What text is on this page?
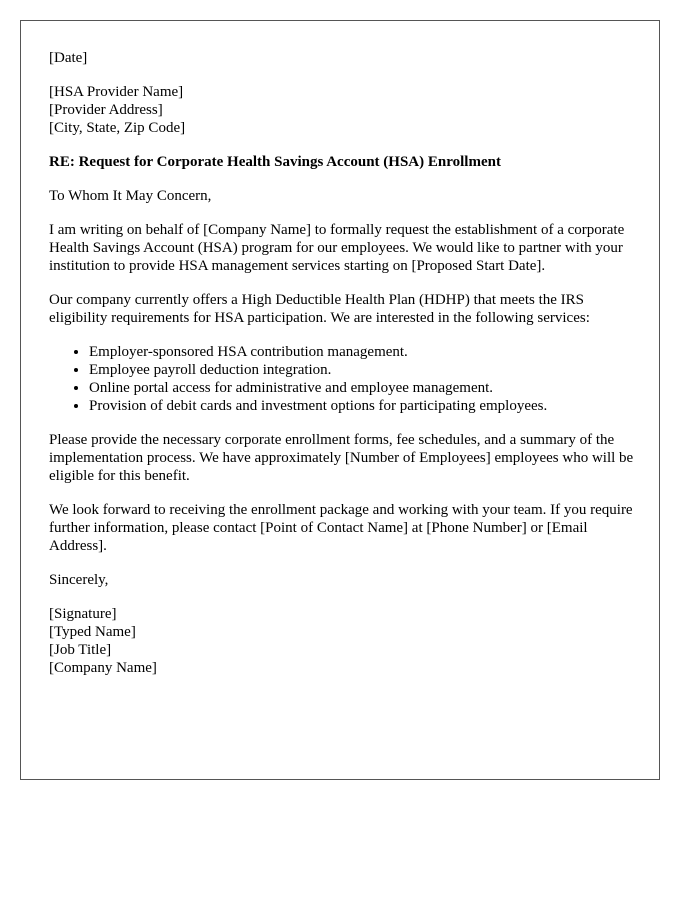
[Date]

[HSA Provider Name]
[Provider Address]
[City, State, Zip Code]

RE: Request for Corporate Health Savings Account (HSA) Enrollment

To Whom It May Concern,

I am writing on behalf of [Company Name] to formally request the establishment of a corporate Health Savings Account (HSA) program for our employees. We would like to partner with your institution to provide HSA management services starting on [Proposed Start Date].

Our company currently offers a High Deductible Health Plan (HDHP) that meets the IRS eligibility requirements for HSA participation. We are interested in the following services:

• Employer-sponsored HSA contribution management.
• Employee payroll deduction integration.
• Online portal access for administrative and employee management.
• Provision of debit cards and investment options for participating employees.

Please provide the necessary corporate enrollment forms, fee schedules, and a summary of the implementation process. We have approximately [Number of Employees] employees who will be eligible for this benefit.

We look forward to receiving the enrollment package and working with your team. If you require further information, please contact [Point of Contact Name] at [Phone Number] or [Email Address].

Sincerely,

[Signature]
[Typed Name]
[Job Title]
[Company Name]
